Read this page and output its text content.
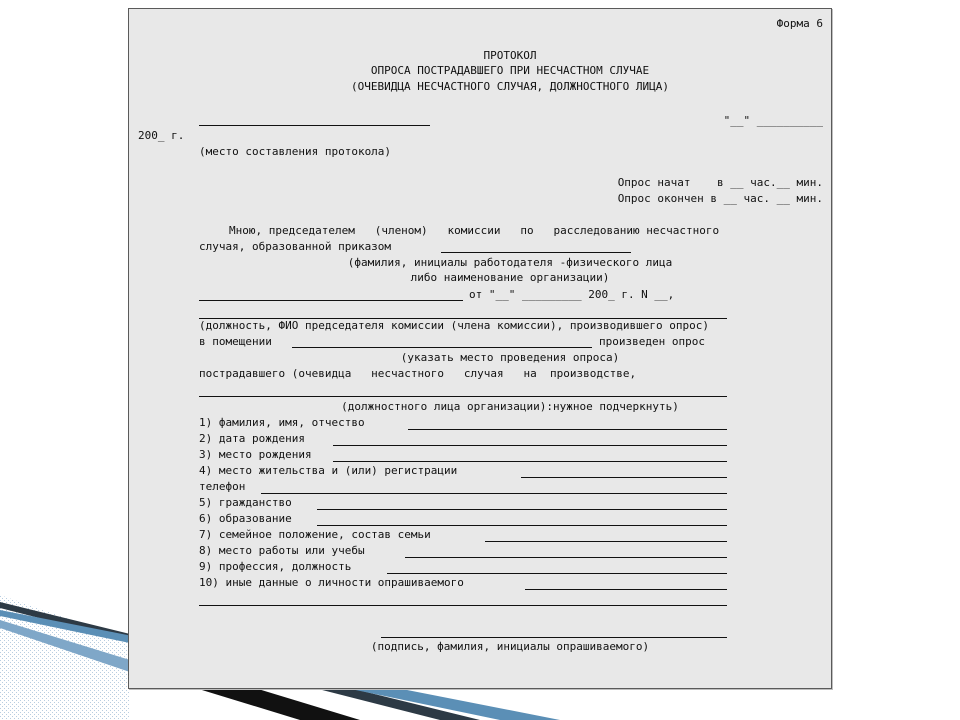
Форма 6
ПРОТОКОЛ
ОПРОСА ПОСТРАДАВШЕГО ПРИ НЕСЧАСТНОМ СЛУЧАЕ
(ОЧЕВИДЦА НЕСЧАСТНОГО СЛУЧАЯ, ДОЛЖНОСТНОГО ЛИЦА)
"__" __________
200_ г.
(место составления протокола)
Опрос начат    в __ час.__ мин.
Опрос окончен в __ час. __ мин.
Мною, председателем   (членом)   комиссии   по   расследованию несчастного
случая, образованной приказом
(фамилия, инициалы работодателя -физического лица
либо наименование организации)
от "__" _________ 200_ г. N __,
(должность, ФИО председателя комиссии (члена комиссии), производившего опрос)
в помещении	произведен опрос
(указать место проведения опроса)
пострадавшего (очевидца   несчастного   случая   на  производстве,
(должностного лица организации):нужное подчеркнуть)
1) фамилия, имя, отчество
2) дата рождения
3) место рождения
4) место жительства и (или) регистрации
телефон
5) гражданство
6) образование
7) семейное положение, состав семьи
8) место работы или учебы
9) профессия, должность
10) иные данные о личности опрашиваемого
(подпись, фамилия, инициалы опрашиваемого)
